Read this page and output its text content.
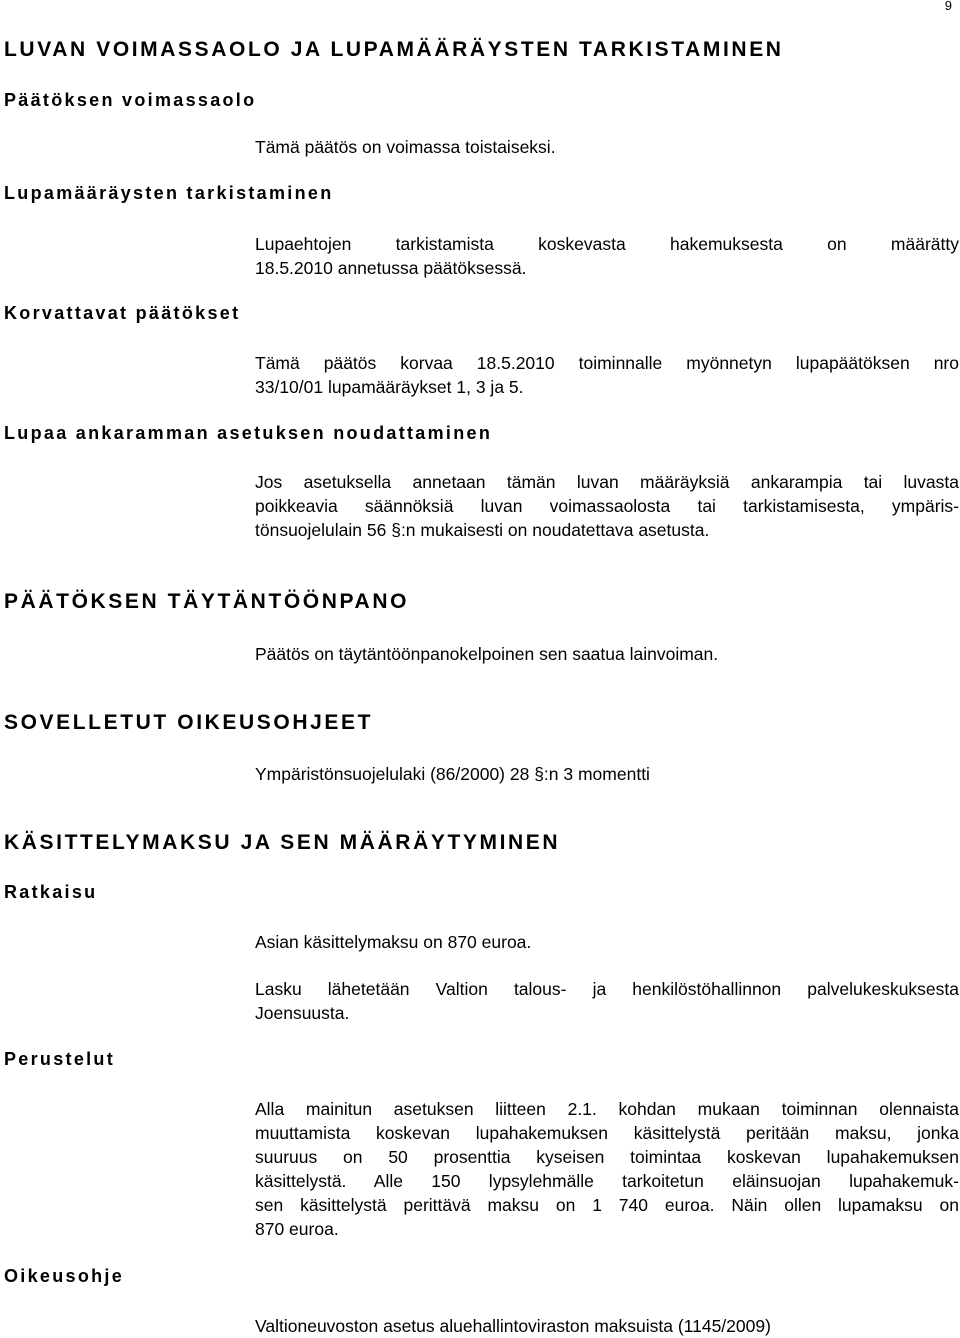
9
LUVAN VOIMASSAOLO JA LUPAMÄÄRÄYSTEN TARKISTAMINEN
Päätöksen voimassaolo
Tämä päätös on voimassa toistaiseksi.
Lupamääräysten tarkistaminen
Lupaehtojen tarkistamista koskevasta hakemuksesta on määrätty
18.5.2010 annetussa päätöksessä.
Korvattavat päätökset
Tämä päätös korvaa 18.5.2010 toiminnalle myönnetyn lupapäätöksen nro
33/10/01 lupamääräykset 1, 3 ja 5.
Lupaa ankaramman asetuksen noudattaminen
Jos asetuksella annetaan tämän luvan määräyksiä ankarampia tai luvasta
poikkeavia säännöksiä luvan voimassaolosta tai tarkistamisesta, ympäris-
tönsuojelulain 56 §:n mukaisesti on noudatettava asetusta.
PÄÄTÖKSEN TÄYTÄNTÖÖNPANO
Päätös on täytäntöönpanokelpoinen sen saatua lainvoiman.
SOVELLETUT OIKEUSOHJEET
Ympäristönsuojelulaki (86/2000) 28 §:n 3 momentti
KÄSITTELYMAKSU JA SEN MÄÄRÄYTYMINEN
Ratkaisu
Asian käsittelymaksu on 870 euroa.
Lasku lähetetään Valtion talous- ja henkilöstöhallinnon palvelukeskuksesta
Joensuusta.
Perustelut
Alla mainitun asetuksen liitteen 2.1. kohdan mukaan toiminnan olennaista
muuttamista koskevan lupahakemuksen käsittelystä peritään maksu, jonka
suuruus on 50 prosenttia kyseisen toimintaa koskevan lupahakemuksen
käsittelystä. Alle 150 lypsylehmälle tarkoitetun eläinsuojan lupahakemuk-
sen käsittelystä perittävä maksu on 1 740 euroa. Näin ollen lupamaksu on
870 euroa.
Oikeusohje
Valtioneuvoston asetus aluehallintoviraston maksuista (1145/2009)
